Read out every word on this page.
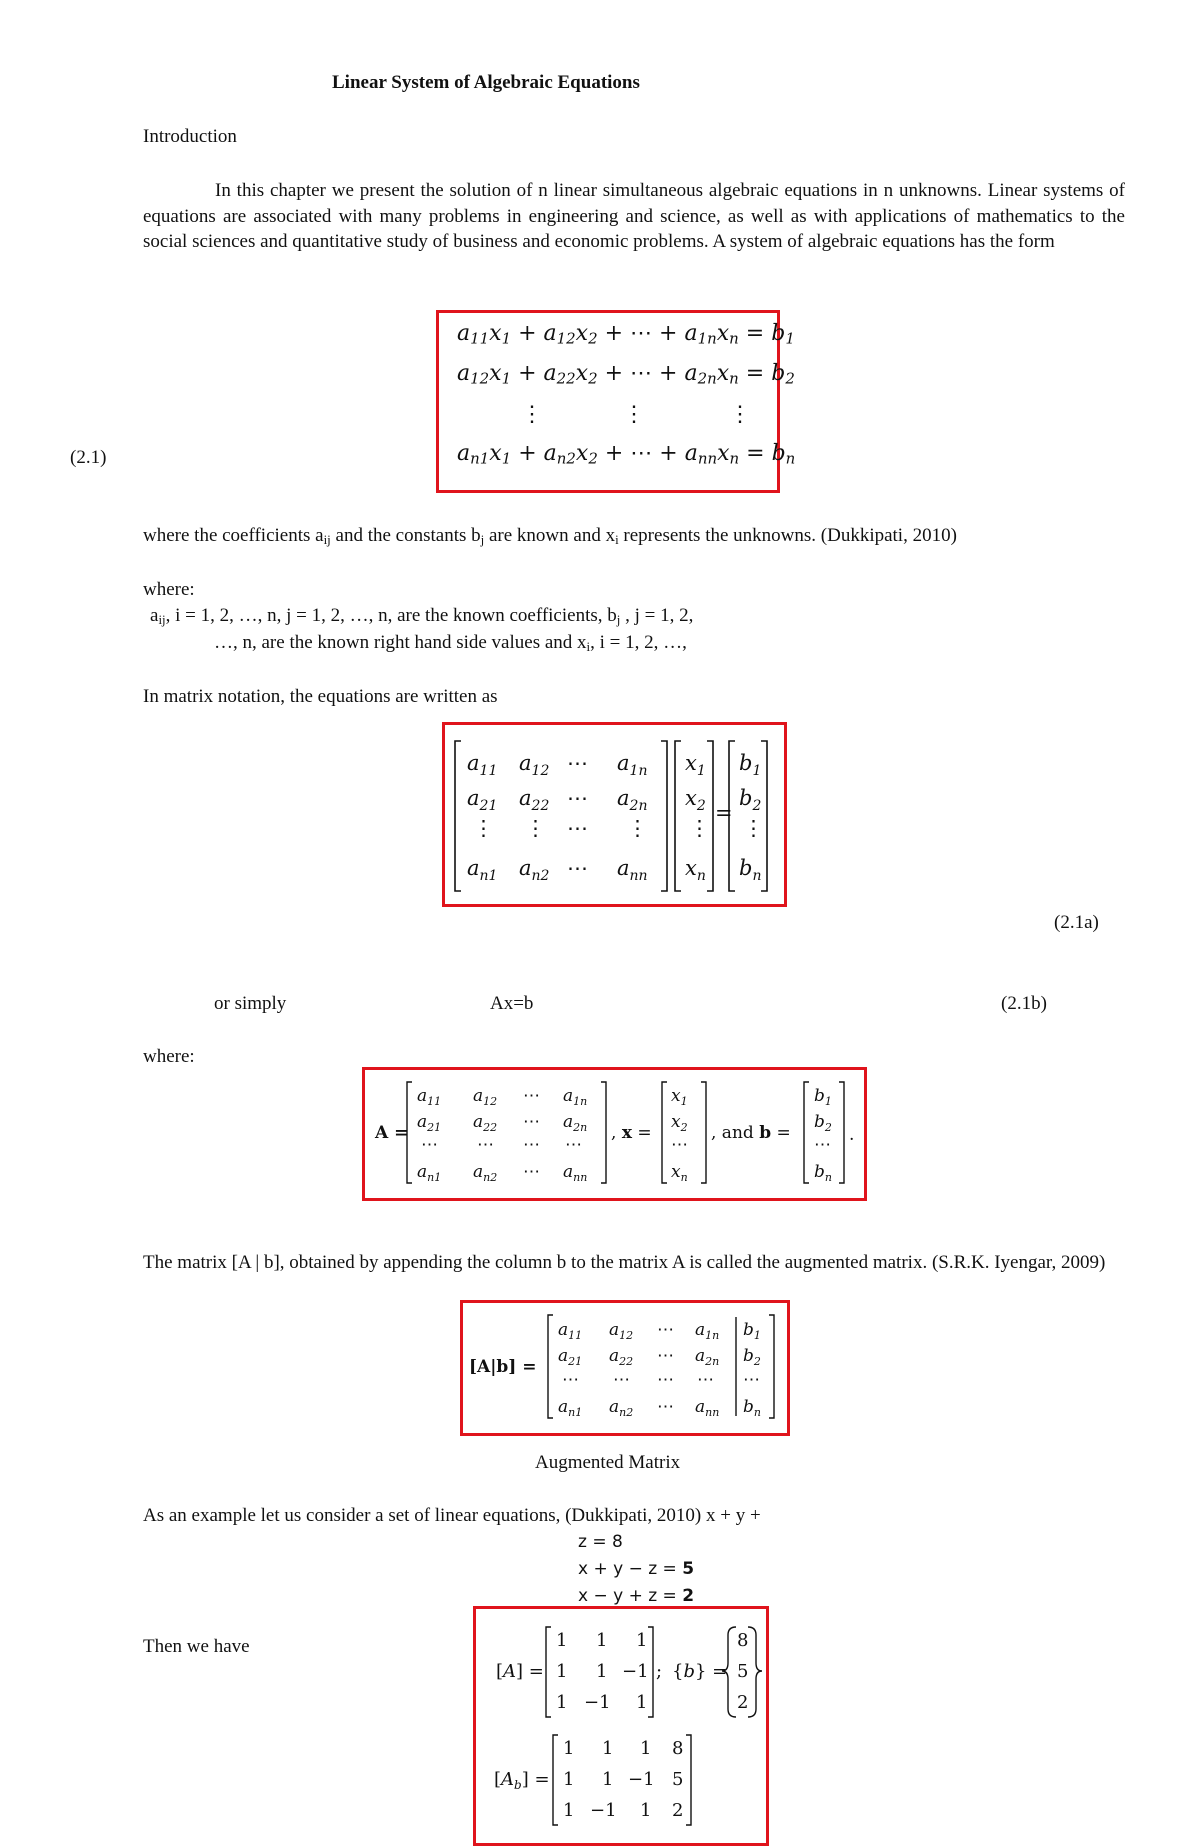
Linear System of Algebraic Equations
Introduction
In this chapter we present the solution of n linear simultaneous algebraic equations in n unknowns. Linear systems of equations are associated with many problems in engineering and science, as well as with applications of mathematics to the social sciences and quantitative study of business and economic problems. A system of algebraic equations has the form
$a_{11}x_1 + a_{12}x_2$ + ⋯ + $a_{1n}x_n = b_1$
$a_{12}x_1 + a_{22}x_2$ + ⋯ + $a_{2n}x_n = b_2$
⋮	⋮	⋮
$a_{n1}x_1 + a_{n2}x_2$ + ⋯ + $a_{nn}x_n = b_n$
(2.1)
where the coefficients $a_{ij}$ and the constants $b_j$ are known and $x_i$ represents the unknowns. (Dukkipati, 2010)
where:
$a_{ij}$, i = 1, 2, …, n, j = 1, 2, …, n, are the known coefficients, $b_j$ , j = 1, 2,
…, n, are the known right hand side values and $x_i$, i = 1, 2, …,
In matrix notation, the equations are written as
$a_{11}$ $a_{12}$ ⋯ $a_{1n}$
$a_{21}$ $a_{22}$ ⋯ $a_{2n}$
⋮ ⋮ ⋯ ⋮
$a_{n1}$ $a_{n2}$ ⋯ $a_{nn}$
$x_1$
$x_2$
⋮
$x_n$
=
$b_1$
$b_2$
⋮
$b_n$
(2.1a)
or simply	Ax=b	(2.1b)
where:
A =
$a_{11}$ $a_{12}$ ⋯ $a_{1n}$
$a_{21}$ $a_{22}$ ⋯ $a_{2n}$
⋯ ⋯ ⋯ ⋯
$a_{n1}$ $a_{n2}$ ⋯ $a_{nn}$
, x =
$x_1$
$x_2$
⋯
$x_n$
, and b =
$b_1$
$b_2$
⋯
$b_n$
.
The matrix [A | b], obtained by appending the column b to the matrix A is called the augmented matrix. (S.R.K. Iyengar, 2009)
[A|b] =
$a_{11}$ $a_{12}$ ⋯ $a_{1n}$ $b_1$
$a_{21}$ $a_{22}$ ⋯ $a_{2n}$ $b_2$
⋯ ⋯ ⋯ ⋯ ⋯
$a_{n1}$ $a_{n2}$ ⋯ $a_{nn}$ $b_n$
Augmented Matrix
As an example let us consider a set of linear equations, (Dukkipati, 2010) x + y +
z = 8
x + y − z = 5
x − y + z = 2
Then we have
[A] =
1 1 1
1 1 −1
1 −1 1
; {b} =
8
5
2
$[A_b]$ =
1 1 1 8
1 1 −1 5
1 −1 1 2
